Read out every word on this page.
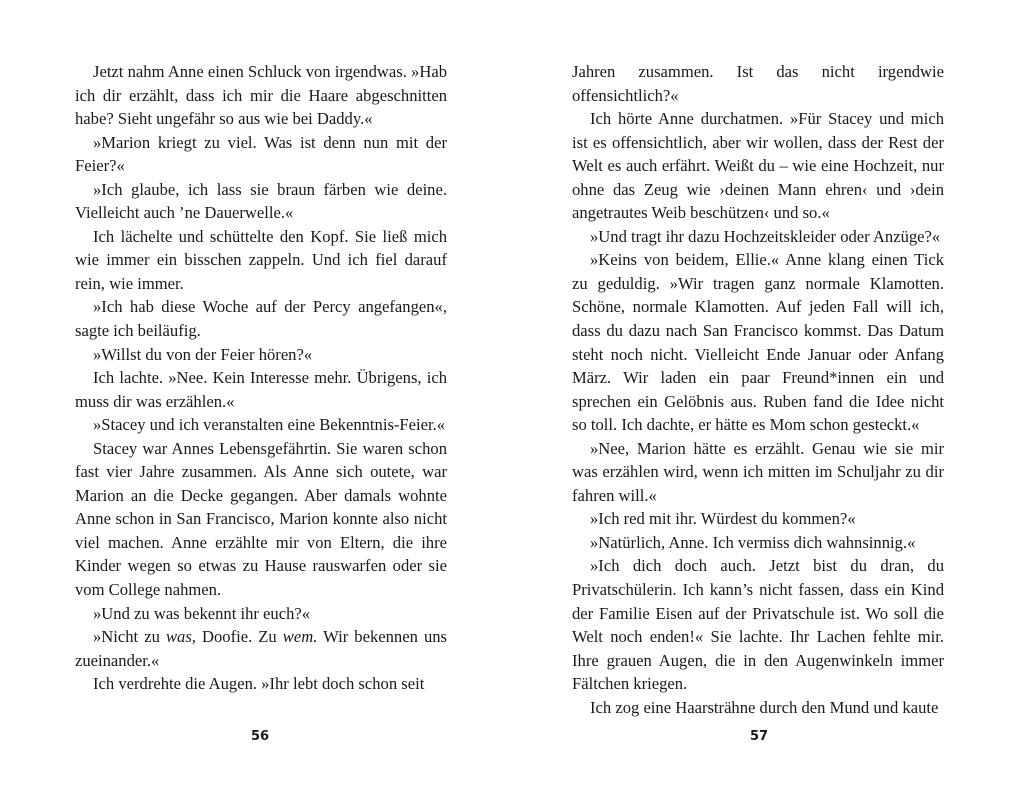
Jetzt nahm Anne einen Schluck von irgendwas. »Hab ich dir erzählt, dass ich mir die Haare abgeschnitten habe? Sieht ungefähr so aus wie bei Daddy.«

»Marion kriegt zu viel. Was ist denn nun mit der Feier?«

»Ich glaube, ich lass sie braun färben wie deine. Vielleicht auch ’ne Dauerwelle.«

Ich lächelte und schüttelte den Kopf. Sie ließ mich wie immer ein bisschen zappeln. Und ich fiel darauf rein, wie immer.

»Ich hab diese Woche auf der Percy angefangen«, sagte ich beiläufig.

»Willst du von der Feier hören?«

Ich lachte. »Nee. Kein Interesse mehr. Übrigens, ich muss dir was erzählen.«

»Stacey und ich veranstalten eine Bekenntnis-Feier.«

Stacey war Annes Lebensgefährtin. Sie waren schon fast vier Jahre zusammen. Als Anne sich outete, war Marion an die Decke gegangen. Aber damals wohnte Anne schon in San Francisco, Marion konnte also nicht viel machen. Anne erzählte mir von Eltern, die ihre Kinder wegen so etwas zu Hause rauswarfen oder sie vom College nahmen.

»Und zu was bekennt ihr euch?«

»Nicht zu was, Doofie. Zu wem. Wir bekennen uns zueinander.«

Ich verdrehte die Augen. »Ihr lebt doch schon seit

Jahren zusammen. Ist das nicht irgendwie offensichtlich?«

Ich hörte Anne durchatmen. »Für Stacey und mich ist es offensichtlich, aber wir wollen, dass der Rest der Welt es auch erfährt. Weißt du – wie eine Hochzeit, nur ohne das Zeug wie ›deinen Mann ehren‹ und ›dein angetrautes Weib beschützen‹ und so.«

»Und tragt ihr dazu Hochzeitskleider oder Anzüge?«

»Keins von beidem, Ellie.« Anne klang einen Tick zu geduldig. »Wir tragen ganz normale Klamotten. Schöne, normale Klamotten. Auf jeden Fall will ich, dass du dazu nach San Francisco kommst. Das Datum steht noch nicht. Vielleicht Ende Januar oder Anfang März. Wir laden ein paar Freund*innen ein und sprechen ein Gelöbnis aus. Ruben fand die Idee nicht so toll. Ich dachte, er hätte es Mom schon gesteckt.«

»Nee, Marion hätte es erzählt. Genau wie sie mir was erzählen wird, wenn ich mitten im Schuljahr zu dir fahren will.«

»Ich red mit ihr. Würdest du kommen?«

»Natürlich, Anne. Ich vermiss dich wahnsinnig.«

»Ich dich doch auch. Jetzt bist du dran, du Privatschülerin. Ich kann’s nicht fassen, dass ein Kind der Familie Eisen auf der Privatschule ist. Wo soll die Welt noch enden!« Sie lachte. Ihr Lachen fehlte mir. Ihre grauen Augen, die in den Augenwinkeln immer Fältchen kriegen.

Ich zog eine Haarsträhne durch den Mund und kaute

56	57
